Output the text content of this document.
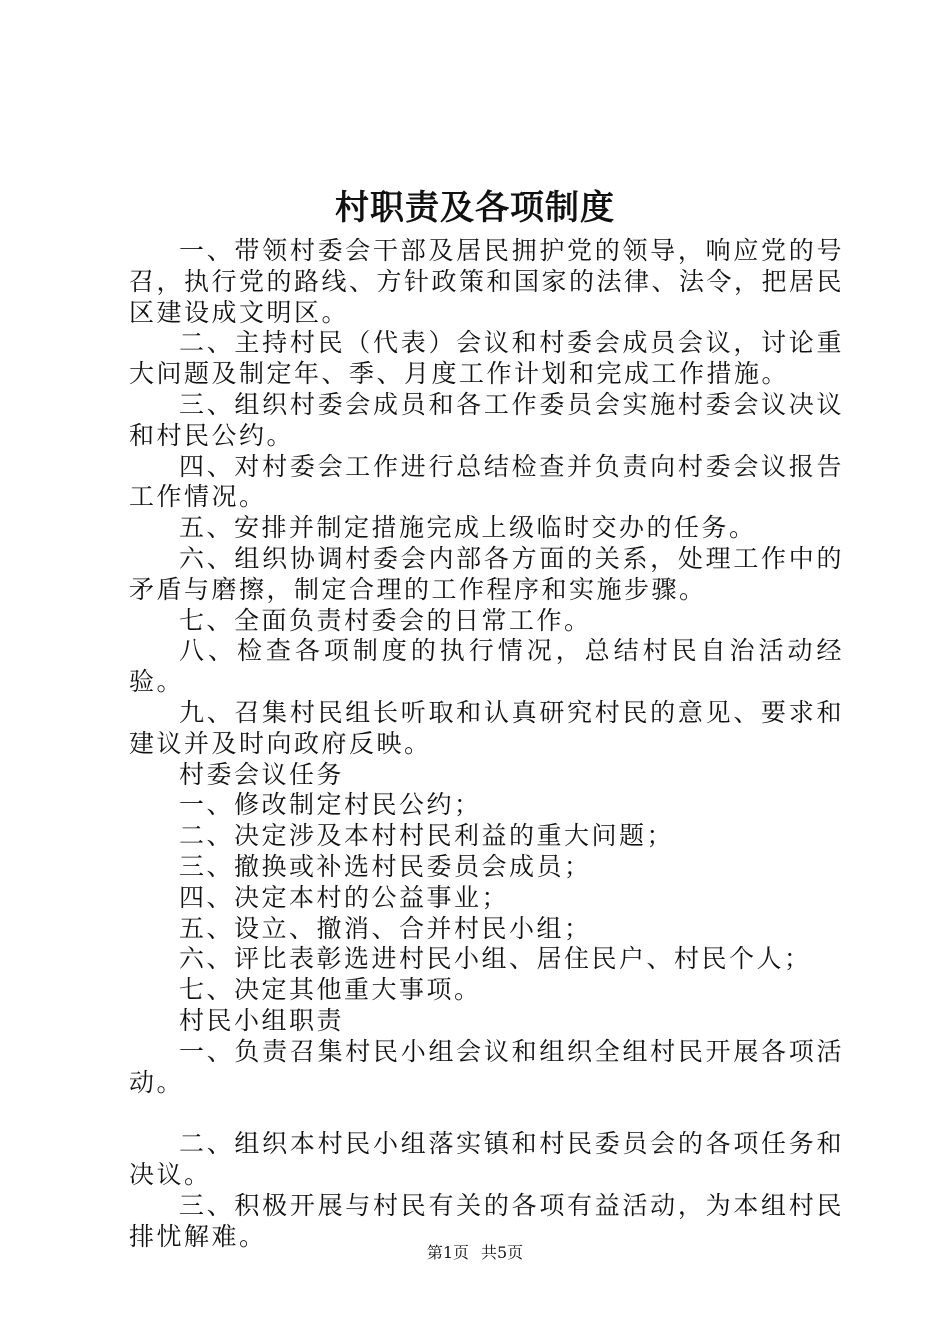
村职责及各项制度

一、带领村委会干部及居民拥护党的领导，响应党的号召，执行党的路线、方针政策和国家的法律、法令，把居民区建设成文明区。

二、主持村民（代表）会议和村委会成员会议，讨论重大问题及制定年、季、月度工作计划和完成工作措施。

三、组织村委会成员和各工作委员会实施村委会议决议和村民公约。

四、对村委会工作进行总结检查并负责向村委会议报告工作情况。

五、安排并制定措施完成上级临时交办的任务。

六、组织协调村委会内部各方面的关系，处理工作中的矛盾与磨擦，制定合理的工作程序和实施步骤。

七、全面负责村委会的日常工作。

八、检查各项制度的执行情况，总结村民自治活动经验。

九、召集村民组长听取和认真研究村民的意见、要求和建议并及时向政府反映。

村委会议任务

一、修改制定村民公约；

二、决定涉及本村村民利益的重大问题；

三、撤换或补选村民委员会成员；

四、决定本村的公益事业；

五、设立、撤消、合并村民小组；

六、评比表彰选进村民小组、居住民户、村民个人；

七、决定其他重大事项。

村民小组职责

一、负责召集村民小组会议和组织全组村民开展各项活动。

二、组织本村民小组落实镇和村民委员会的各项任务和决议。

三、积极开展与村民有关的各项有益活动，为本组村民排忧解难。

第1页 共5页
